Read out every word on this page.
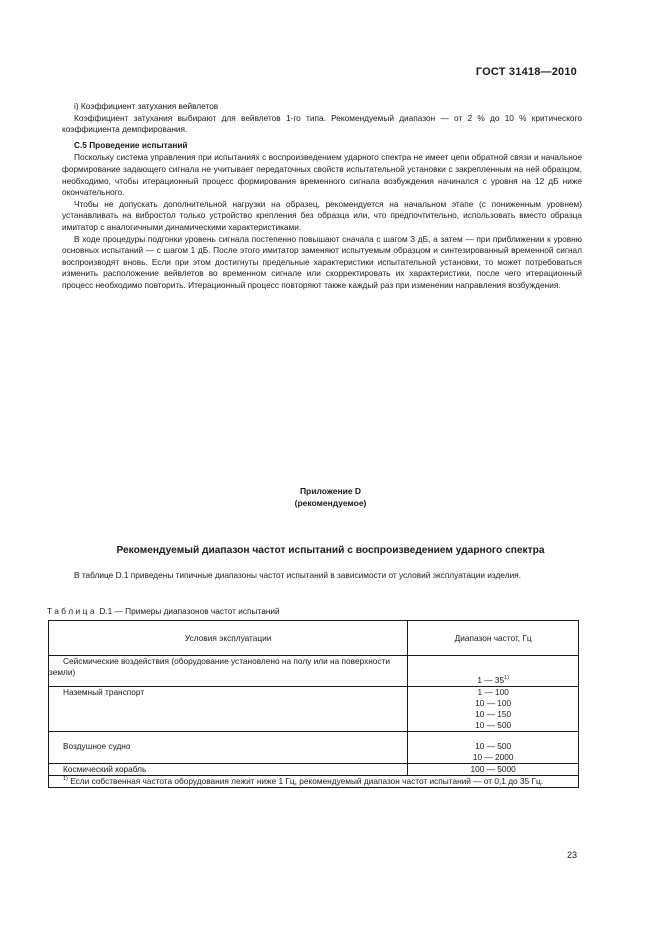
ГОСТ 31418—2010

i) Коэффициент затухания вейвлетов

Коэффициент затухания выбирают для вейвлетов 1-го типа. Рекомендуемый диапазон — от 2 % до 10 % критического коэффициента демпфирования.

С.5 Проведение испытаний

Поскольку система управления при испытаниях с воспроизведением ударного спектра не имеет цепи обратной связи и начальное формирование задающего сигнала не учитывает передаточных свойств испытательной установки с закрепленным на ней образцом, необходимо, чтобы итерационный процесс формирования временного сигнала возбуждения начинался с уровня на 12 дБ ниже окончательного.

Чтобы не допускать дополнительной нагрузки на образец, рекомендуется на начальном этапе (с пониженным уровнем) устанавливать на вибростол только устройство крепления без образца или, что предпочтительно, использовать вместо образца имитатор с аналогичными динамическими характеристиками.

В ходе процедуры подгонки уровень сигнала постепенно повышают сначала с шагом 3 дБ, а затем — при приближении к уровню основных испытаний — с шагом 1 дБ. После этого имитатор заменяют испытуемым образцом и синтезированный временной сигнал воспроизводят вновь. Если при этом достигнуты предельные характеристики испытательной установки, то может потребоваться изменить расположение вейвлетов во временном сигнале или скорректировать их характеристики, после чего итерационный процесс необходимо повторить. Итерационный процесс повторяют также каждый раз при изменении направления возбуждения.

Приложение D
(рекомендуемое)
Рекомендуемый диапазон частот испытаний с воспроизведением ударного спектра
В таблице D.1 приведены типичные диапазоны частот испытаний в зависимости от условий эксплуатации изделия.
Таблица D.1 — Примеры диапазонов частот испытаний
Условия эксплуатации	Диапазон частот, Гц
Сейсмические воздействия (оборудование установлено на полу или на поверхности земли)	1 — 35$^{1)}$
Наземный транспорт	1 — 100
10 — 100
10 — 150
10 — 500

Воздушное судно	10 — 500
10 — 2000

Космический корабль	100 — 5000

$^{1)}$ Если собственная частота оборудования лежит ниже 1 Гц, рекомендуемый диапазон частот испытаний — от 0,1 до 35 Гц.	
23
